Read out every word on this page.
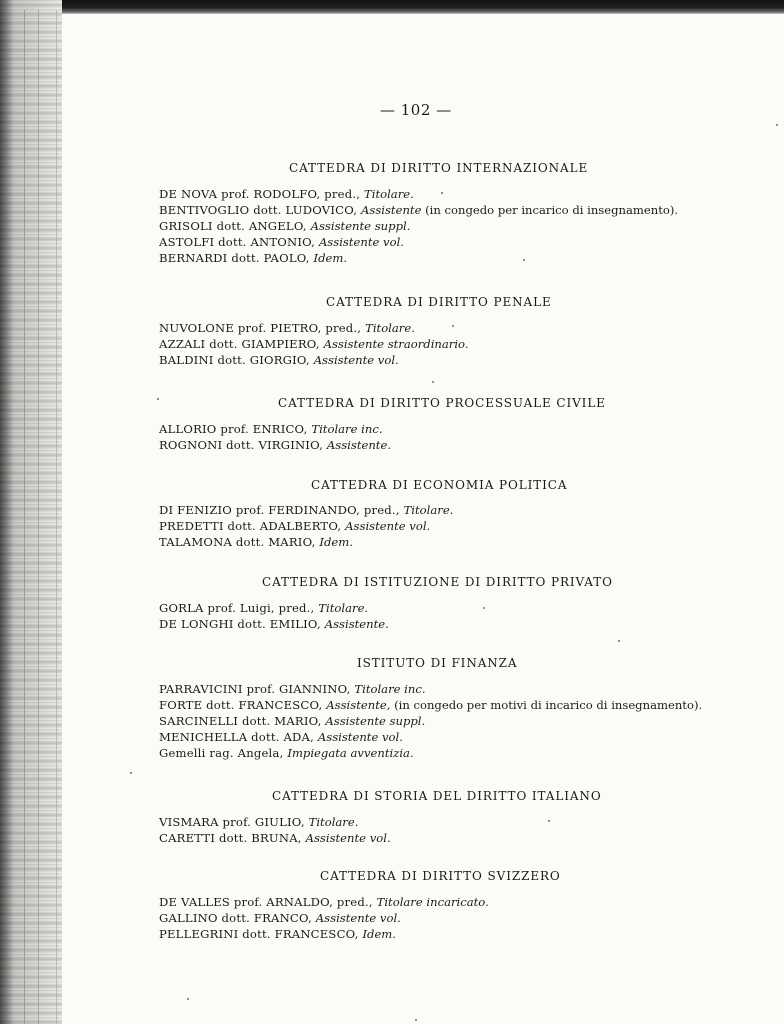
— 102 —
CATTEDRA DI DIRITTO INTERNAZIONALE
DE NOVA prof. RODOLFO, pred., Titolare.
BENTIVOGLIO dott. LUDOVICO, Assistente (in congedo per incarico di insegnamento).
GRISOLI dott. ANGELO, Assistente suppl.
ASTOLFI dott. ANTONIO, Assistente vol.
BERNARDI dott. PAOLO, Idem.
CATTEDRA DI DIRITTO PENALE
NUVOLONE prof. PIETRO, pred., Titolare.
AZZALI dott. GIAMPIERO, Assistente straordinario.
BALDINI dott. GIORGIO, Assistente vol.
CATTEDRA DI DIRITTO PROCESSUALE CIVILE
ALLORIO prof. ENRICO, Titolare inc.
ROGNONI dott. VIRGINIO, Assistente.
CATTEDRA DI ECONOMIA POLITICA
DI FENIZIO prof. FERDINANDO, pred., Titolare.
PREDETTI dott. ADALBERTO, Assistente vol.
TALAMONA dott. MARIO, Idem.
CATTEDRA DI ISTITUZIONE DI DIRITTO PRIVATO
GORLA prof. Luigi, pred., Titolare.
DE LONGHI dott. EMILIO, Assistente.
ISTITUTO DI FINANZA
PARRAVICINI prof. GIANNINO, Titolare inc.
FORTE dott. FRANCESCO, Assistente, (in congedo per motivi di incarico di insegnamento).
SARCINELLI dott. MARIO, Assistente suppl.
MENICHELLA dott. ADA, Assistente vol.
Gemelli rag. Angela, Impiegata avventizia.
CATTEDRA DI STORIA DEL DIRITTO ITALIANO
VISMARA prof. GIULIO, Titolare.
CARETTI dott. BRUNA, Assistente vol.
CATTEDRA DI DIRITTO SVIZZERO
DE VALLES prof. ARNALDO, pred., Titolare incaricato.
GALLINO dott. FRANCO, Assistente vol.
PELLEGRINI dott. FRANCESCO, Idem.
